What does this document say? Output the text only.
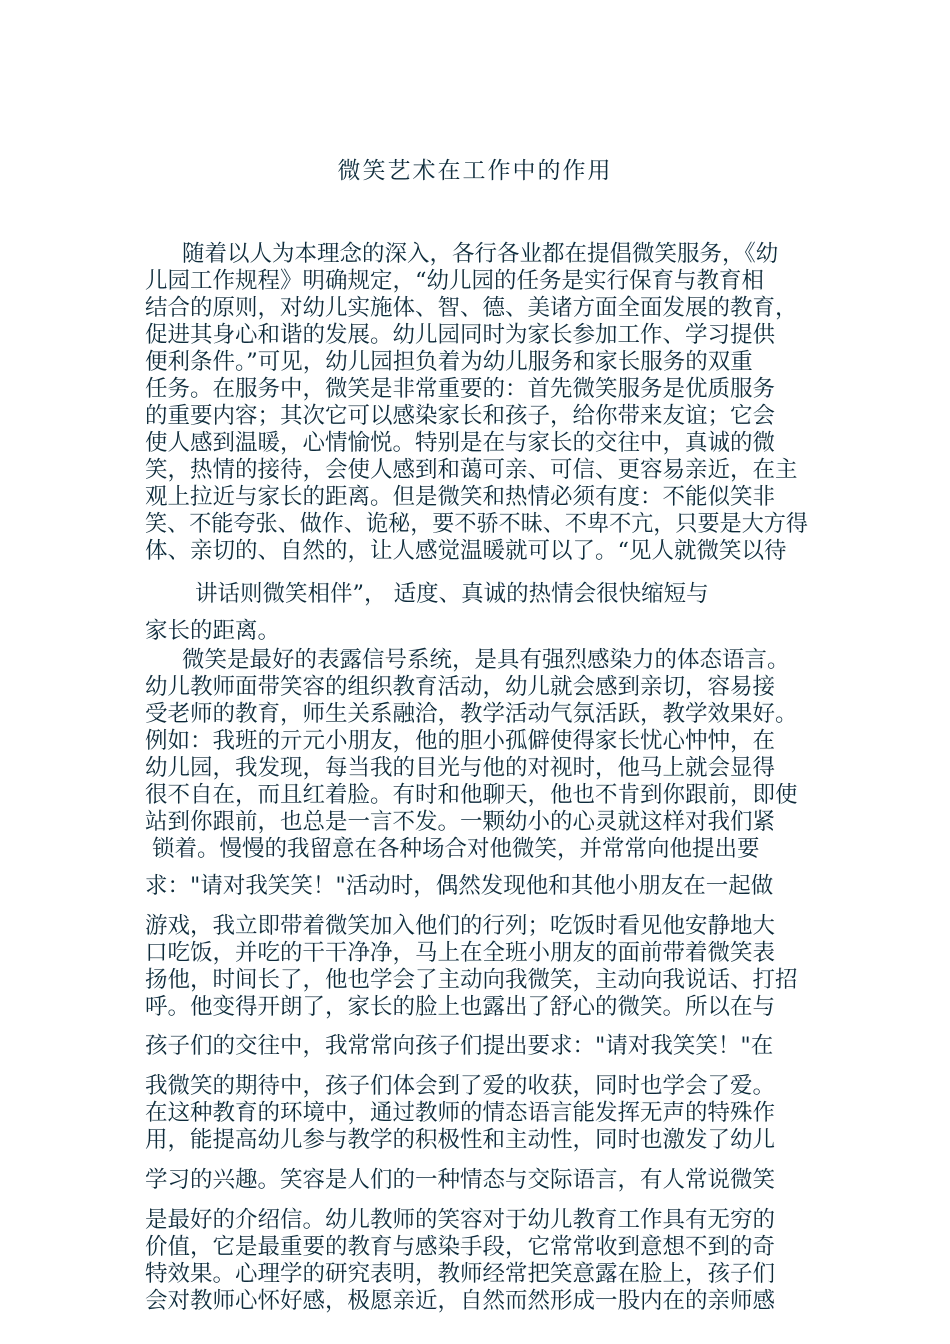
微笑艺术在工作中的作用
随着以人为本理念的深入，各行各业都在提倡微笑服务，《幼
儿园工作规程》明确规定，“幼儿园的任务是实行保育与教育相
结合的原则，对幼儿实施体、智、德、美诸方面全面发展的教育，
促进其身心和谐的发展。幼儿园同时为家长参加工作、学习提供
便利条件。”可见，幼儿园担负着为幼儿服务和家长服务的双重
任务。在服务中，微笑是非常重要的：首先微笑服务是优质服务
的重要内容；其次它可以感染家长和孩子，给你带来友谊；它会
使人感到温暖，心情愉悦。特别是在与家长的交往中，真诚的微
笑，热情的接待，会使人感到和蔼可亲、可信、更容易亲近，在主
观上拉近与家长的距离。但是微笑和热情必须有度：不能似笑非
笑、不能夸张、做作、诡秘，要不骄不昧、不卑不亢，只要是大方得
体、亲切的、自然的，让人感觉温暖就可以了。“见人就微笑以待
讲话则微笑相伴”， 适度、真诚的热情会很快缩短与
家长的距离。
微笑是最好的表露信号系统，是具有强烈感染力的体态语言。
幼儿教师面带笑容的组织教育活动，幼儿就会感到亲切，容易接
受老师的教育，师生关系融洽，教学活动气氛活跃，教学效果好。
例如：我班的亓元小朋友，他的胆小孤僻使得家长忧心忡忡，在
幼儿园，我发现，每当我的目光与他的对视时，他马上就会显得
很不自在，而且红着脸。有时和他聊天，他也不肯到你跟前，即使
站到你跟前，也总是一言不发。一颗幼小的心灵就这样对我们紧
锁着。慢慢的我留意在各种场合对他微笑，并常常向他提出要
求："请对我笑笑！"活动时，偶然发现他和其他小朋友在一起做
游戏，我立即带着微笑加入他们的行列；吃饭时看见他安静地大
口吃饭，并吃的干干净净，马上在全班小朋友的面前带着微笑表
扬他，时间长了，他也学会了主动向我微笑，主动向我说话、打招
呼。他变得开朗了，家长的脸上也露出了舒心的微笑。所以在与
孩子们的交往中，我常常向孩子们提出要求："请对我笑笑！"在
我微笑的期待中，孩子们体会到了爱的收获，同时也学会了爱。
在这种教育的环境中，通过教师的情态语言能发挥无声的特殊作
用，能提高幼儿参与教学的积极性和主动性，同时也激发了幼儿
学习的兴趣。笑容是人们的一种情态与交际语言，有人常说微笑
是最好的介绍信。幼儿教师的笑容对于幼儿教育工作具有无穷的
价值，它是最重要的教育与感染手段，它常常收到意想不到的奇
特效果。心理学的研究表明，教师经常把笑意露在脸上，孩子们
会对教师心怀好感，极愿亲近，自然而然形成一股内在的亲师感
